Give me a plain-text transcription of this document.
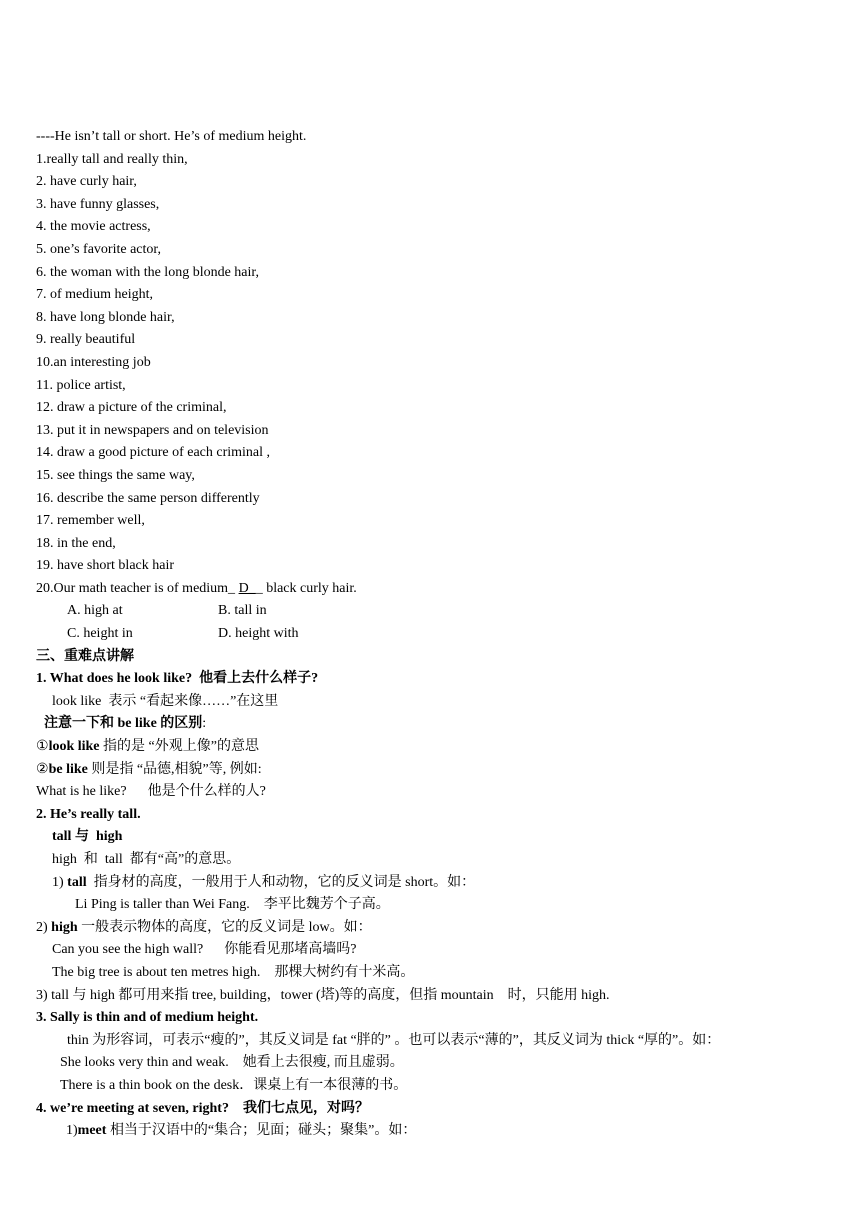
----He isn’t tall or short. He’s of medium height.
1.really tall and really thin,
2. have curly hair,
3. have funny glasses,
4. the movie actress,
5. one’s favorite actor,
6. the woman with the long blonde hair,
7. of medium height,
8. have long blonde hair,
9. really beautiful
10.an interesting job
11. police artist,
12. draw a picture of the criminal,
13. put it in newspapers and on television
14. draw a good picture of each criminal ,
15. see things the same way,
16. describe the same person differently
17. remember well,
18. in the end,
19. have short black hair
20.Our math teacher is of medium_ D__ black curly hair.
A. high at	B. tall in
C. height in	D. height with
三、重难点讲解
1. What does he look like?  他看上去什么样子?
look like  表示 “看起来像……”在这里
注意一下和 be like 的区别:
①look like 指的是 “外观上像”的意思
②be like 则是指 “品德,相貌”等, 例如:
What is he like?      他是个什么样的人?
2. He’s really tall.
tall 与  high
high  和  tall  都有“高”的意思。
1) tall  指身材的高度，一般用于人和动物，它的反义词是 short。如：
Li Ping is taller than Wei Fang.    李平比魏芳个子高。
2) high 一般表示物体的高度，它的反义词是 low。如：
Can you see the high wall?      你能看见那堵高墙吗?
The big tree is about ten metres high.    那棵大树约有十米高。
3) tall 与 high 都可用来指 tree, building，tower (塔)等的高度，但指 mountain    时，只能用 high.
3. Sally is thin and of medium height.
thin 为形容词，可表示“瘦的”，其反义词是 fat “胖的” 。也可以表示“薄的”，其反义词为 thick “厚的”。如：
She looks very thin and weak.    她看上去很瘦, 而且虚弱。
There is a thin book on the desk．课桌上有一本很薄的书。
4. we’re meeting at seven, right?    我们七点见，对吗？
1)meet 相当于汉语中的“集合；见面；碰头；聚集”。如：
